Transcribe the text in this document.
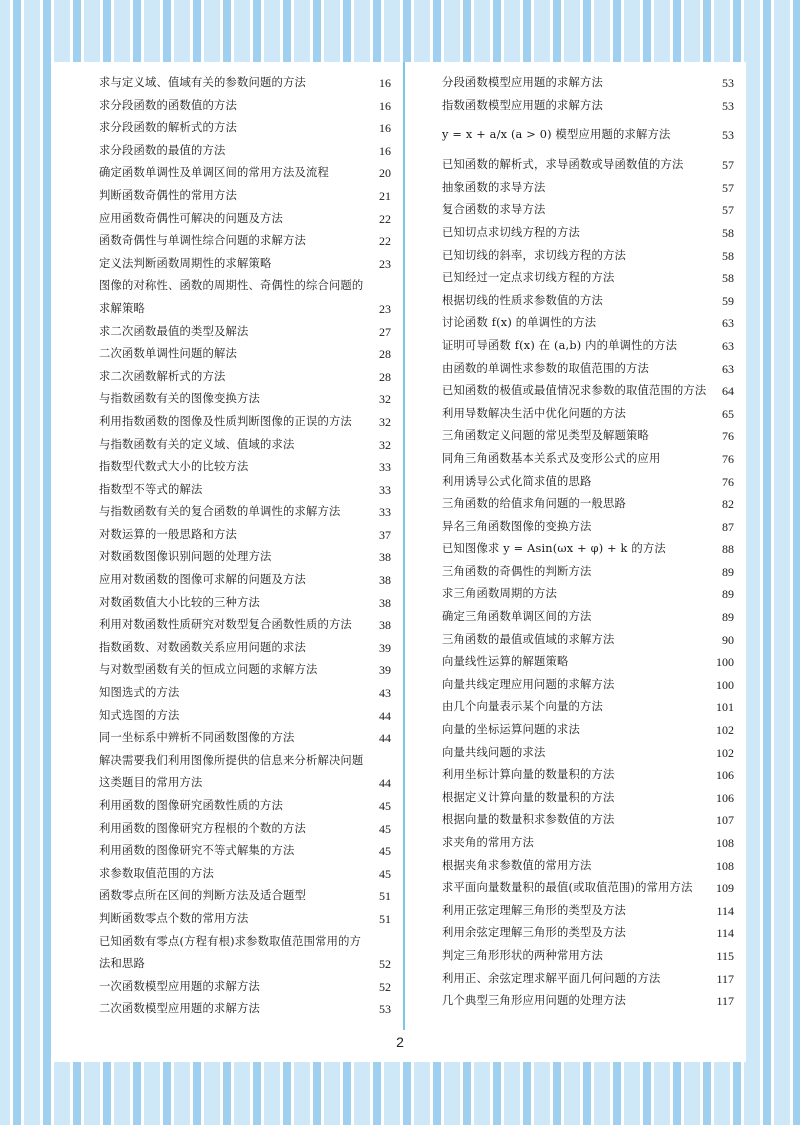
求与定义域、值域有关的参数问题的方法	16
求分段函数的函数值的方法	16
求分段函数的解析式的方法	16
求分段函数的最值的方法	16
确定函数单调性及单调区间的常用方法及流程	20
判断函数奇偶性的常用方法	21
应用函数奇偶性可解决的问题及方法	22
函数奇偶性与单调性综合问题的求解方法	22
定义法判断函数周期性的求解策略	23
图像的对称性、函数的周期性、奇偶性的综合问题的求解策略	23
求二次函数最值的类型及解法	27
二次函数单调性问题的解法	28
求二次函数解析式的方法	28
与指数函数有关的图像变换方法	32
利用指数函数的图像及性质判断图像的正误的方法	32
与指数函数有关的定义域、值域的求法	32
指数型代数式大小的比较方法	33
指数型不等式的解法	33
与指数函数有关的复合函数的单调性的求解方法	33
对数运算的一般思路和方法	37
对数函数图像识别问题的处理方法	38
应用对数函数的图像可求解的问题及方法	38
对数函数值大小比较的三种方法	38
利用对数函数性质研究对数型复合函数性质的方法	38
指数函数、对数函数关系应用问题的求法	39
与对数型函数有关的恒成立问题的求解方法	39
知图选式的方法	43
知式选图的方法	44
同一坐标系中辨析不同函数图像的方法	44
解决需要我们利用图像所提供的信息来分析解决问题这类题目的常用方法	44
利用函数的图像研究函数性质的方法	45
利用函数的图像研究方程根的个数的方法	45
利用函数的图像研究不等式解集的方法	45
求参数取值范围的方法	45
函数零点所在区间的判断方法及适合题型	51
判断函数零点个数的常用方法	51
已知函数有零点(方程有根)求参数取值范围常用的方法和思路	52
一次函数模型应用题的求解方法	52
二次函数模型应用题的求解方法	53
分段函数模型应用题的求解方法	53
指数函数模型应用题的求解方法	53
y = x + a/x (a > 0) 模型应用题的求解方法	53
已知函数的解析式，求导函数或导函数值的方法	57
抽象函数的求导方法	57
复合函数的求导方法	57
已知切点求切线方程的方法	58
已知切线的斜率，求切线方程的方法	58
已知经过一定点求切线方程的方法	58
根据切线的性质求参数值的方法	59
讨论函数 f(x) 的单调性的方法	63
证明可导函数 f(x) 在 (a,b) 内的单调性的方法	63
由函数的单调性求参数的取值范围的方法	63
已知函数的极值或最值情况求参数的取值范围的方法	64
利用导数解决生活中优化问题的方法	65
三角函数定义问题的常见类型及解题策略	76
同角三角函数基本关系式及变形公式的应用	76
利用诱导公式化简求值的思路	76
三角函数的给值求角问题的一般思路	82
异名三角函数图像的变换方法	87
已知图像求 y = Asin(ωx + φ) + k 的方法	88
三角函数的奇偶性的判断方法	89
求三角函数周期的方法	89
确定三角函数单调区间的方法	89
三角函数的最值或值域的求解方法	90
向量线性运算的解题策略	100
向量共线定理应用问题的求解方法	100
由几个向量表示某个向量的方法	101
向量的坐标运算问题的求法	102
向量共线问题的求法	102
利用坐标计算向量的数量积的方法	106
根据定义计算向量的数量积的方法	106
根据向量的数量积求参数值的方法	107
求夹角的常用方法	108
根据夹角求参数值的常用方法	108
求平面向量数量积的最值(或取值范围)的常用方法	109
利用正弦定理解三角形的类型及方法	114
利用余弦定理解三角形的类型及方法	114
判定三角形形状的两种常用方法	115
利用正、余弦定理求解平面几何问题的方法	117
几个典型三角形应用问题的处理方法	117
2
